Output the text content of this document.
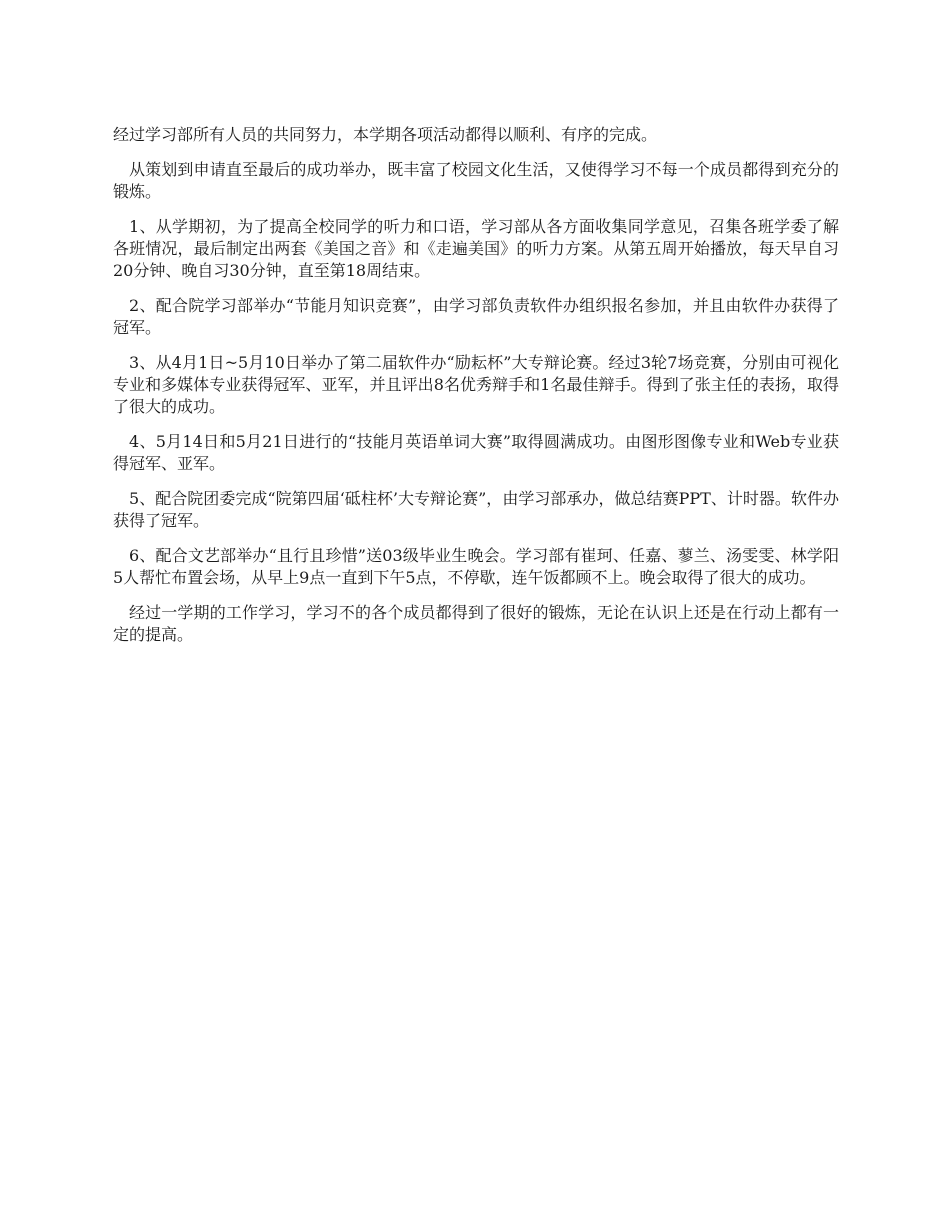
经过学习部所有人员的共同努力，本学期各项活动都得以顺利、有序的完成。

从策划到申请直至最后的成功举办，既丰富了校园文化生活，又使得学习不每一个成员都得到充分的锻炼。

1、从学期初，为了提高全校同学的听力和口语，学习部从各方面收集同学意见，召集各班学委了解各班情况，最后制定出两套《美国之音》和《走遍美国》的听力方案。从第五周开始播放，每天早自习20分钟、晚自习30分钟，直至第18周结束。

2、配合院学习部举办“节能月知识竞赛”，由学习部负责软件办组织报名参加，并且由软件办获得了冠军。

3、从4月1日~5月10日举办了第二届软件办“励耘杯”大专辩论赛。经过3轮7场竞赛，分别由可视化专业和多媒体专业获得冠军、亚军，并且评出8名优秀辩手和1名最佳辩手。得到了张主任的表扬，取得了很大的成功。

4、5月14日和5月21日进行的“技能月英语单词大赛”取得圆满成功。由图形图像专业和Web专业获得冠军、亚军。

5、配合院团委完成“院第四届‘砥柱杯’大专辩论赛”，由学习部承办，做总结赛PPT、计时器。软件办获得了冠军。

6、配合文艺部举办“且行且珍惜”送03级毕业生晚会。学习部有崔珂、任嘉、蓼兰、汤雯雯、林学阳5人帮忙布置会场，从早上9点一直到下午5点，不停歇，连午饭都顾不上。晚会取得了很大的成功。

经过一学期的工作学习，学习不的各个成员都得到了很好的锻炼，无论在认识上还是在行动上都有一定的提高。
